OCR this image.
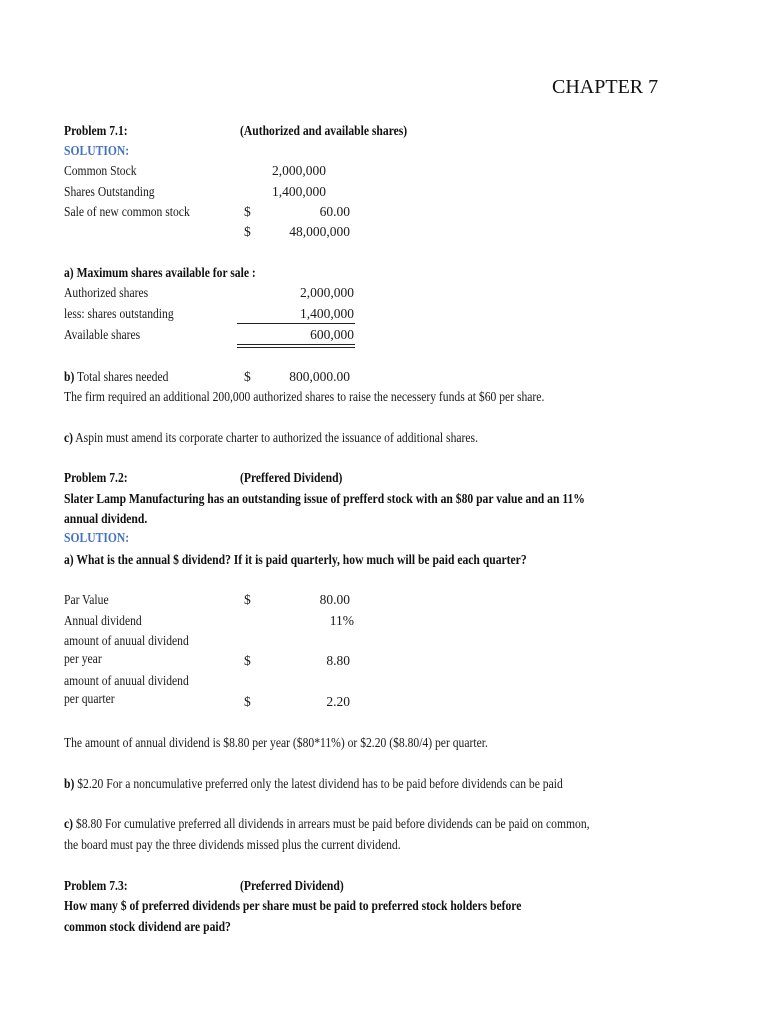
CHAPTER 7
Problem 7.1:	(Authorized and available shares)
SOLUTION:
Common Stock	2,000,000
Shares Outstanding	1,400,000
Sale of new common stock	$	60.00
$	48,000,000
a) Maximum shares available for sale :
Authorized shares	2,000,000
less: shares outstanding	1,400,000
Available shares	600,000
b) Total shares needed	$	800,000.00
The firm required an additional 200,000 authorized shares to raise the necessery funds at $60 per share.
c) Aspin must amend its corporate charter to authorized the issuance of additional shares.
Problem 7.2:	(Preffered Dividend)
Slater Lamp Manufacturing has an outstanding issue of prefferd stock with an $80 par value and an 11%
annual dividend.
SOLUTION:
a) What is the annual $ dividend? If it is paid quarterly, how much will be paid each quarter?
Par Value	$	80.00
Annual dividend	11%
amount of anuual dividend
per year	$	8.80
amount of anuual dividend
per quarter	$	2.20
The amount of annual dividend is $8.80 per year ($80*11%) or $2.20 ($8.80/4) per quarter.
b) $2.20 For a noncumulative preferred only the latest dividend has to be paid before dividends can be paid
c) $8.80 For cumulative preferred all dividends in arrears must be paid before dividends can be paid on common,
the board must pay the three dividends missed plus the current dividend.
Problem 7.3:	(Preferred Dividend)
How many $ of preferred dividends per share must be paid to preferred stock holders before
common stock dividend are paid?
